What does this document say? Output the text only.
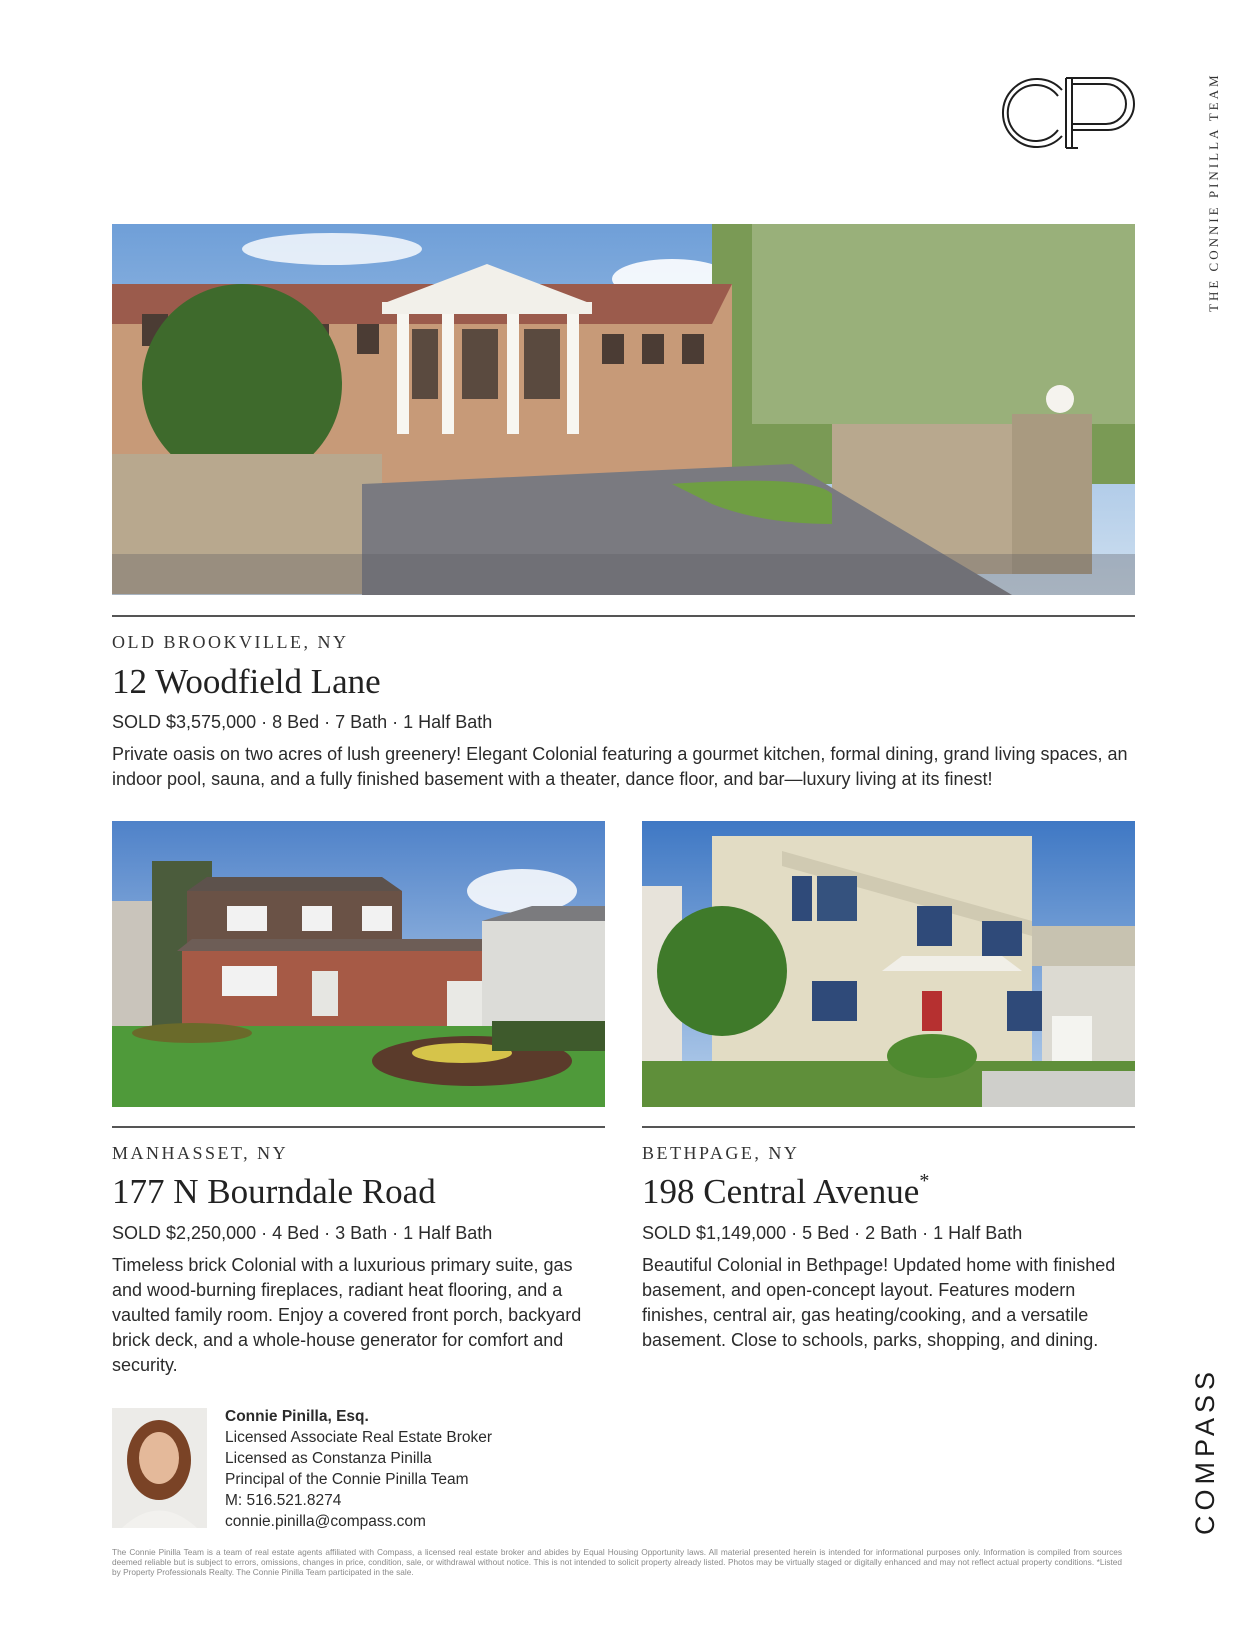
THE CONNIE PINILLA TEAM
OLD BROOKVILLE, NY
12 Woodfield Lane
SOLD $3,575,000 · 8 Bed · 7 Bath · 1 Half Bath
Private oasis on two acres of lush greenery! Elegant Colonial featuring a gourmet kitchen, formal dining, grand living spaces, an indoor pool, sauna, and a fully finished basement with a theater, dance floor, and bar—luxury living at its finest!
MANHASSET, NY
177 N Bourndale Road
SOLD $2,250,000 · 4 Bed · 3 Bath · 1 Half Bath
Timeless brick Colonial with a luxurious primary suite, gas and wood-burning fireplaces, radiant heat flooring, and a vaulted family room. Enjoy a covered front porch, backyard brick deck, and a whole-house generator for comfort and security.
BETHPAGE, NY
198 Central Avenue*
SOLD $1,149,000 · 5 Bed · 2 Bath · 1 Half Bath
Beautiful Colonial in Bethpage! Updated home with finished basement, and open-concept layout. Features modern finishes, central air, gas heating/cooking, and a versatile basement. Close to schools, parks, shopping, and dining.
Connie Pinilla, Esq.
Licensed Associate Real Estate Broker
Licensed as Constanza Pinilla
Principal of the Connie Pinilla Team
M: 516.521.8274
connie.pinilla@compass.com	COMPASS
The Connie Pinilla Team is a team of real estate agents affiliated with Compass, a licensed real estate broker and abides by Equal Housing Opportunity laws. All material presented herein is intended for informational purposes only. Information is compiled from sources deemed reliable but is subject to errors, omissions, changes in price, condition, sale, or withdrawal without notice. This is not intended to solicit property already listed. Photos may be virtually staged or digitally enhanced and may not reflect actual property conditions. *Listed by Property Professionals Realty. The Connie Pinilla Team participated in the sale.
